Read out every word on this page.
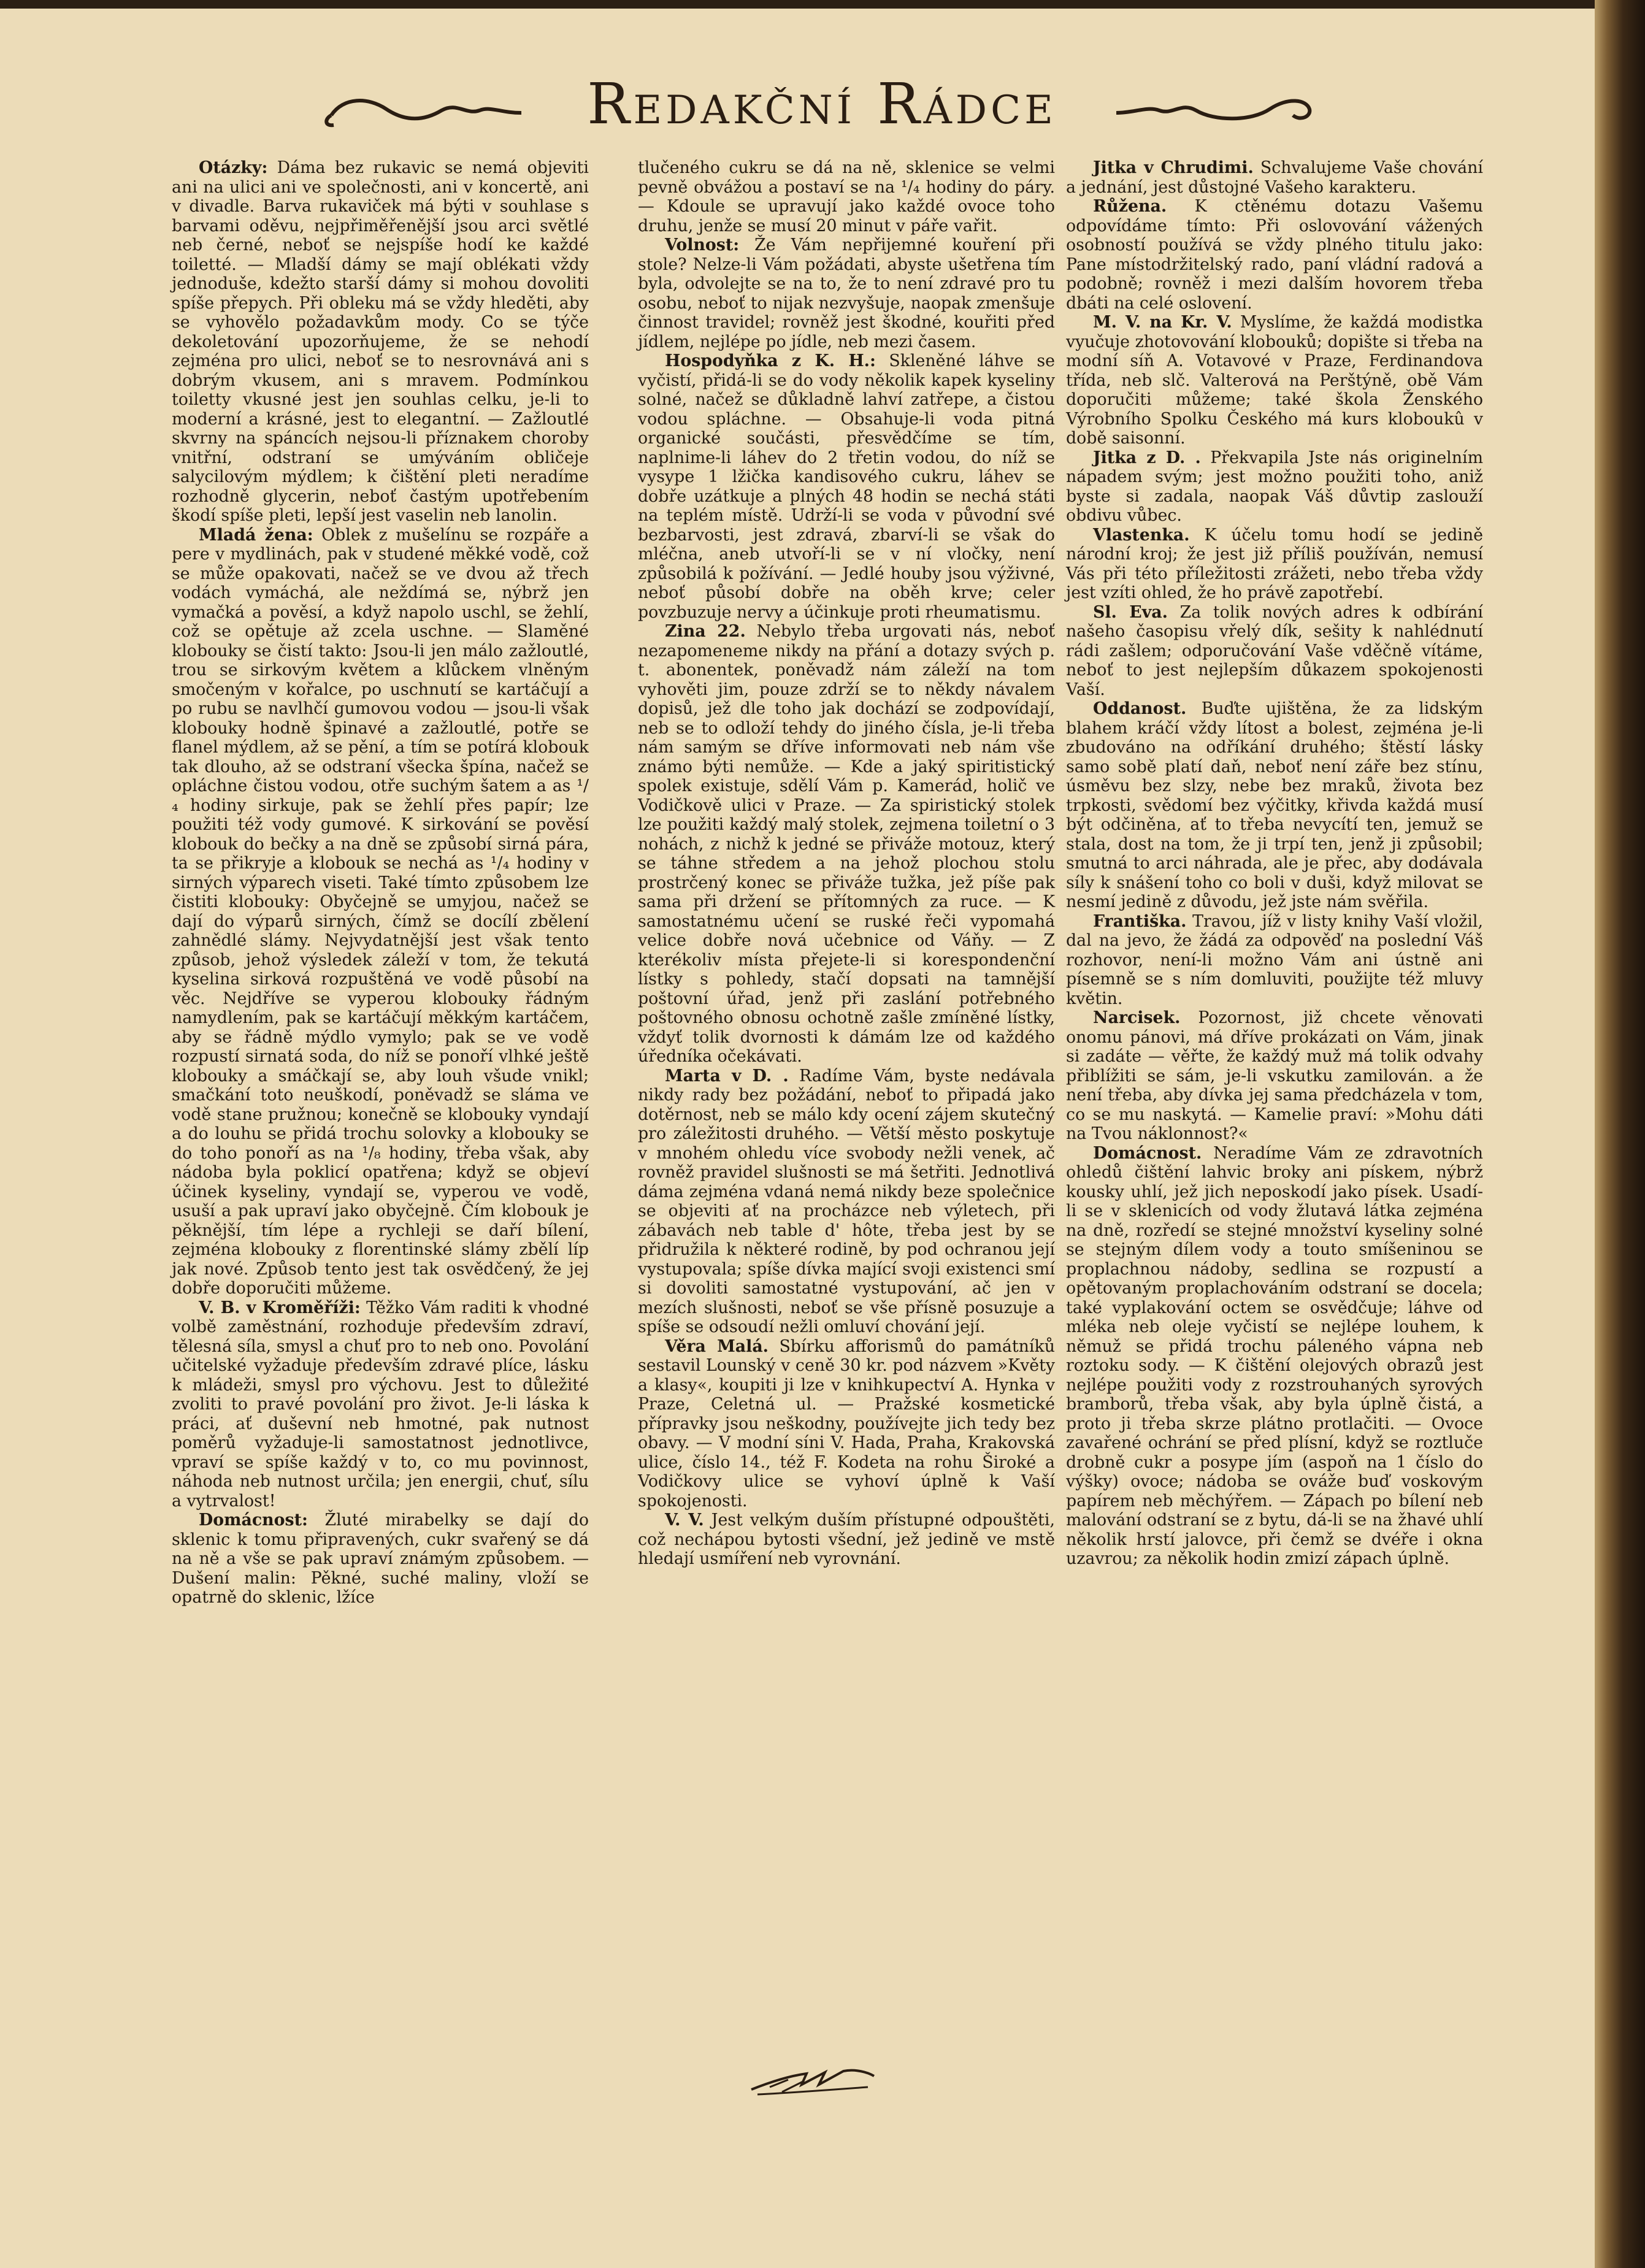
Redakční Rádce

Otázky: Dáma bez rukavic se nemá objeviti ani na ulici ani ve společnosti, ani v koncertě, ani v divadle. Barva rukaviček má býti v souhlase s barvami oděvu, nejpřiměřenější jsou arci světlé neb černé, neboť se nejspíše hodí ke každé toiletté. — Mladší dámy se mají oblékati vždy jednoduše, kdežto starší dámy si mohou dovoliti spíše přepych. Při obleku má se vždy hleděti, aby se vyhovělo požadavkům mody. Co se týče dekoletování upozorňujeme, že se nehodí zejména pro ulici, neboť se to nesrovnává ani s dobrým vkusem, ani s mravem. Podmínkou toiletty vkusné jest jen souhlas celku, je-li to moderní a krásné, jest to elegantní. — Zažloutlé skvrny na spáncích nejsou-li příznakem choroby vnitřní, odstraní se umýváním obličeje salycilovým mýdlem; k čištění pleti neradíme rozhodně glycerin, neboť častým upotřebením škodí spíše pleti, lepší jest vaselin neb lanolin.

Mladá žena: Oblek z mušelínu se rozpáře a pere v mydlinách, pak v studené měkké vodě, což se může opakovati, načež se ve dvou až třech vodách vymáchá, ale neždímá se, nýbrž jen vymačká a pověsí, a když napolo uschl, se žehlí, což se opětuje až zcela uschne. — Slaměné klobouky se čistí takto: Jsou-li jen málo zažloutlé, trou se sirkovým květem a klůckem vlněným smočeným v kořalce, po uschnutí se kartáčují a po rubu se navlhčí gumovou vodou — jsou-li však klobouky hodně špinavé a zažloutlé, potře se flanel mýdlem, až se pění, a tím se potírá klobouk tak dlouho, až se odstraní všecka špína, načež se opláchne čistou vodou, otře suchým šatem a as ¹/₄ hodiny sirkuje, pak se žehlí přes papír; lze použiti též vody gumové. K sirkování se pověsí klobouk do bečky a na dně se způsobí sirná pára, ta se přikryje a klobouk se nechá as ¹/₄ hodiny v sirných výparech viseti. Také tímto způsobem lze čistiti klobouky: Obyčejně se umyjou, načež se dají do výparů sirných, čímž se docílí zbělení zahnědlé slámy. Nejvydatnější jest však tento způsob, jehož výsledek záleží v tom, že tekutá kyselina sirková rozpuštěná ve vodě působí na věc. Nejdříve se vyperou klobouky řádným namydlením, pak se kartáčují měkkým kartáčem, aby se řádně mýdlo vymylo; pak se ve vodě rozpustí sirnatá soda, do níž se ponoří vlhké ještě klobouky a smáčkají se, aby louh všude vnikl; smačkání toto neuškodí, poněvadž se sláma ve vodě stane pružnou; konečně se klobouky vyndají a do louhu se přidá trochu solovky a klobouky se do toho ponoří as na ¹/₈ hodiny, třeba však, aby nádoba byla poklicí opatřena; když se objeví účinek kyseliny, vyndají se, vyperou ve vodě, usuší a pak upraví jako obyčejně. Čím klobouk je pěknější, tím lépe a rychleji se daří bílení, zejména klobouky z florentinské slámy zbělí líp jak nové. Způsob tento jest tak osvědčený, že jej dobře doporučiti můžeme.

V. B. v Kroměříži: Těžko Vám raditi k vhodné volbě zaměstnání, rozhoduje především zdraví, tělesná síla, smysl a chuť pro to neb ono. Povolání učitelské vyžaduje především zdravé plíce, lásku k mládeži, smysl pro výchovu. Jest to důležité zvoliti to pravé povolání pro život. Je-li láska k práci, ať duševní neb hmotné, pak nutnost poměrů vyžaduje-li samostatnost jednotlivce, vpraví se spíše každý v to, co mu povinnost, náhoda neb nutnost určila; jen energii, chuť, sílu a vytrvalost!

Domácnost: Žluté mirabelky se dají do sklenic k tomu připravených, cukr svařený se dá na ně a vše se pak upraví známým způsobem. — Dušení malin: Pěkné, suché maliny, vloží se opatrně do sklenic, lžíce

tlučeného cukru se dá na ně, sklenice se velmi pevně obvážou a postaví se na ¹/₄ hodiny do páry. — Kdoule se upravují jako každé ovoce toho druhu, jenže se musí 20 minut v páře vařit.

Volnost: Že Vám nepřijemné kouření při stole? Nelze-li Vám požádati, abyste ušetřena tím byla, odvolejte se na to, že to není zdravé pro tu osobu, neboť to nijak nezvyšuje, naopak zmenšuje činnost travidel; rovněž jest škodné, kouřiti před jídlem, nejlépe po jídle, neb mezi časem.

Hospodyňka z K. H.: Skleněné láhve se vyčistí, přidá-li se do vody několik kapek kyseliny solné, načež se důkladně lahví zatřepe, a čistou vodou spláchne. — Obsahuje-li voda pitná organické součásti, přesvědčíme se tím, naplnime-li láhev do 2 třetin vodou, do níž se vysype 1 lžička kandisového cukru, láhev se dobře uzátkuje a plných 48 hodin se nechá státi na teplém místě. Udrží-li se voda v původní své bezbarvosti, jest zdravá, zbarví-li se však do mléčna, aneb utvoří-li se v ní vločky, není způsobilá k požívání. — Jedlé houby jsou výživné, neboť působí dobře na oběh krve; celer povzbuzuje nervy a účinkuje proti rheumatismu.

Zina 22. Nebylo třeba urgovati nás, neboť nezapomeneme nikdy na přání a dotazy svých p. t. abonentek, poněvadž nám záleží na tom vyhověti jim, pouze zdrží se to někdy návalem dopisů, jež dle toho jak dochází se zodpovídají, neb se to odloží tehdy do jiného čísla, je-li třeba nám samým se dříve informovati neb nám vše známo býti nemůže. — Kde a jaký spiritistický spolek existuje, sdělí Vám p. Kamerád, holič ve Vodičkově ulici v Praze. — Za spiristický stolek lze použiti každý malý stolek, zejmena toiletní o 3 nohách, z nichž k jedné se přiváže motouz, který se táhne středem a na jehož plochou stolu prostrčený konec se přiváže tužka, jež píše pak sama při držení se přítomných za ruce. — K samostatnému učení se ruské řeči vypomahá velice dobře nová učebnice od Váňy. — Z kterékoliv místa přejete-li si korespondenční lístky s pohledy, stačí dopsati na tamnější poštovní úřad, jenž při zaslání potřebného poštovného obnosu ochotně zašle zmíněné lístky, vždyť tolik dvornosti k dámám lze od každého úředníka očekávati.

Marta v D. . Radíme Vám, byste nedávala nikdy rady bez požádání, neboť to připadá jako dotěrnost, neb se málo kdy ocení zájem skutečný pro záležitosti druhého. — Větší město poskytuje v mnohém ohledu více svobody nežli venek, ač rovněž pravidel slušnosti se má šetřiti. Jednotlivá dáma zejména vdaná nemá nikdy beze společnice se objeviti ať na procházce neb výletech, při zábavách neb table d' hôte, třeba jest by se přidružila k některé rodině, by pod ochranou její vystupovala; spíše dívka mající svoji existenci smí si dovoliti samostatné vystupování, ač jen v mezích slušnosti, neboť se vše přísně posuzuje a spíše se odsoudí nežli omluví chování její.

Věra Malá. Sbírku afforismů do památníků sestavil Lounský v ceně 30 kr. pod názvem »Květy a klasy«, koupiti ji lze v knihkupectví A. Hynka v Praze, Celetná ul. — Pražské kosmetické přípravky jsou neškodny, používejte jich tedy bez obavy. — V modní síni V. Hada, Praha, Krakovská ulice, číslo 14., též F. Kodeta na rohu Široké a Vodičkovy ulice se vyhoví úplně k Vaší spokojenosti.

V. V. Jest velkým duším přístupné odpouštěti, což nechápou bytosti všední, jež jedině ve mstě hledají usmíření neb vyrovnání.

Jitka v Chrudimi. Schvalujeme Vaše chování a jednání, jest důstojné Vašeho karakteru.

Růžena. K ctěnému dotazu Vašemu odpovídáme tímto: Při oslovování vážených osobností používá se vždy plného titulu jako: Pane místodržitelský rado, paní vládní radová a podobně; rovněž i mezi dalším hovorem třeba dbáti na celé oslovení.

M. V. na Kr. V. Myslíme, že každá modistka vyučuje zhotovování klobouků; dopište si třeba na modní síň A. Votavové v Praze, Ferdinandova třída, neb slč. Valterová na Perštýně, obě Vám doporučiti můžeme; také škola Ženského Výrobního Spolku Českého má kurs kloboukû v době saisonní.

Jitka z D. . Překvapila Jste nás originelním nápadem svým; jest možno použiti toho, aniž byste si zadala, naopak Váš důvtip zaslouží obdivu vůbec.

Vlastenka. K účelu tomu hodí se jedině národní kroj; že jest již příliš používán, nemusí Vás při této příležitosti zrážeti, nebo třeba vždy jest vzíti ohled, že ho právě zapotřebí.

Sl. Eva. Za tolik nových adres k odbírání našeho časopisu vřelý dík, sešity k nahlédnutí rádi zašlem; odporučování Vaše vděčně vítáme, neboť to jest nejlepším důkazem spokojenosti Vaší.

Oddanost. Buďte ujištěna, že za lidským blahem kráčí vždy lítost a bolest, zejména je-li zbudováno na odříkání druhého; štěstí lásky samo sobě platí daň, neboť není záře bez stínu, úsměvu bez slzy, nebe bez mraků, života bez trpkosti, svědomí bez výčitky, křivda každá musí být odčiněna, ať to třeba nevycítí ten, jemuž se stala, dost na tom, že ji trpí ten, jenž ji způsobil; smutná to arci náhrada, ale je přec, aby dodávala síly k snášení toho co boli v duši, když milovat se nesmí jedině z důvodu, jež jste nám svěřila.

Františka. Travou, jíž v listy knihy Vaší vložil, dal na jevo, že žádá za odpověď na poslední Váš rozhovor, není-li možno Vám ani ústně ani písemně se s ním domluviti, použijte též mluvy květin.

Narcisek. Pozornost, již chcete věnovati onomu pánovi, má dříve prokázati on Vám, jinak si zadáte — věřte, že každý muž má tolik odvahy přiblížiti se sám, je-li vskutku zamilován. a že není třeba, aby dívka jej sama předcházela v tom, co se mu naskytá. — Kamelie praví: »Mohu dáti na Tvou náklonnost?«

Domácnost. Neradíme Vám ze zdravotních ohledů čištění lahvic broky ani pískem, nýbrž kousky uhlí, jež jich neposkodí jako písek. Usadí-li se v sklenicích od vody žlutavá látka zejména na dně, rozředí se stejné množství kyseliny solné se stejným dílem vody a touto smíšeninou se proplachnou nádoby, sedlina se rozpustí a opětovaným proplachováním odstraní se docela; také vyplakování octem se osvědčuje; láhve od mléka neb oleje vyčistí se nejlépe louhem, k němuž se přidá trochu páleného vápna neb roztoku sody. — K čištění olejových obrazů jest nejlépe použiti vody z rozstrouhaných syrových bramborů, třeba však, aby byla úplně čistá, a proto ji třeba skrze plátno protlačiti. — Ovoce zavařené ochrání se před plísní, když se roztluče drobně cukr a posype jím (aspoň na 1 číslo do výšky) ovoce; nádoba se ováže buď voskovým papírem neb měchýřem. — Zápach po bílení neb malování odstraní se z bytu, dá-li se na žhavé uhlí několik hrstí jalovce, při čemž se dvéře i okna uzavrou; za několik hodin zmizí zápach úplně.
